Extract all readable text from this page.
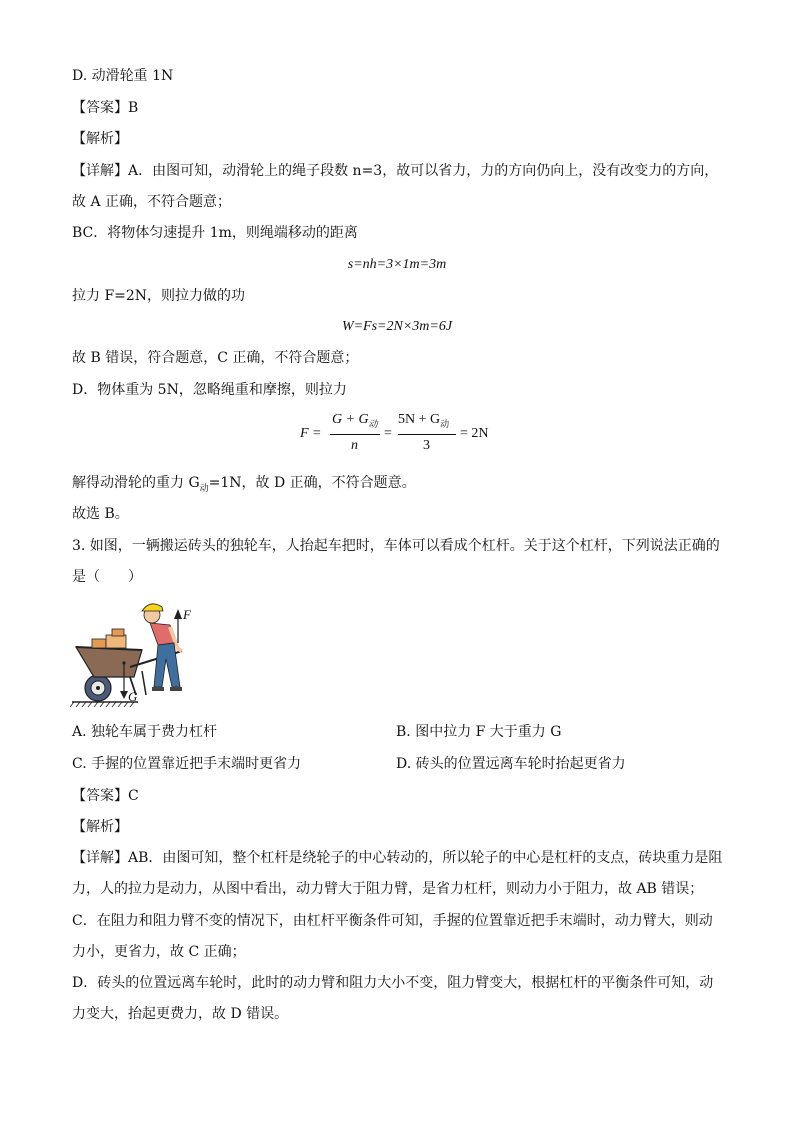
D. 动滑轮重 1N
【答案】B
【解析】
【详解】A．由图可知，动滑轮上的绳子段数 n=3，故可以省力，力的方向仍向上，没有改变力的方向，
故 A 正确，不符合题意；
BC．将物体匀速提升 1m，则绳端移动的距离
s=nh=3×1m=3m
拉力 F=2N，则拉力做的功
W=Fs=2N×3m=6J
故 B 错误，符合题意，C 正确，不符合题意；
D．物体重为 5N，忽略绳重和摩擦，则拉力
F =
$G + G_动$
n
=
$5N + G_动$
3
= 2N
解得动滑轮的重力 $G_动=1N$，故 D 正确，不符合题意。
故选 B。
3. 如图，一辆搬运砖头的独轮车，人抬起车把时，车体可以看成个杠杆。关于这个杠杆，下列说法正确的
是（　　）
F
G
A. 独轮车属于费力杠杆	B. 图中拉力 F 大于重力 G
C. 手握的位置靠近把手末端时更省力	D. 砖头的位置远离车轮时抬起更省力
【答案】C
【解析】
【详解】AB．由图可知，整个杠杆是绕轮子的中心转动的，所以轮子的中心是杠杆的支点，砖块重力是阻
力，人的拉力是动力，从图中看出，动力臂大于阻力臂，是省力杠杆，则动力小于阻力，故 AB 错误；
C．在阻力和阻力臂不变的情况下，由杠杆平衡条件可知，手握的位置靠近把手末端时，动力臂大，则动
力小，更省力，故 C 正确；
D．砖头的位置远离车轮时，此时的动力臂和阻力大小不变，阻力臂变大，根据杠杆的平衡条件可知，动
力变大，抬起更费力，故 D 错误。
